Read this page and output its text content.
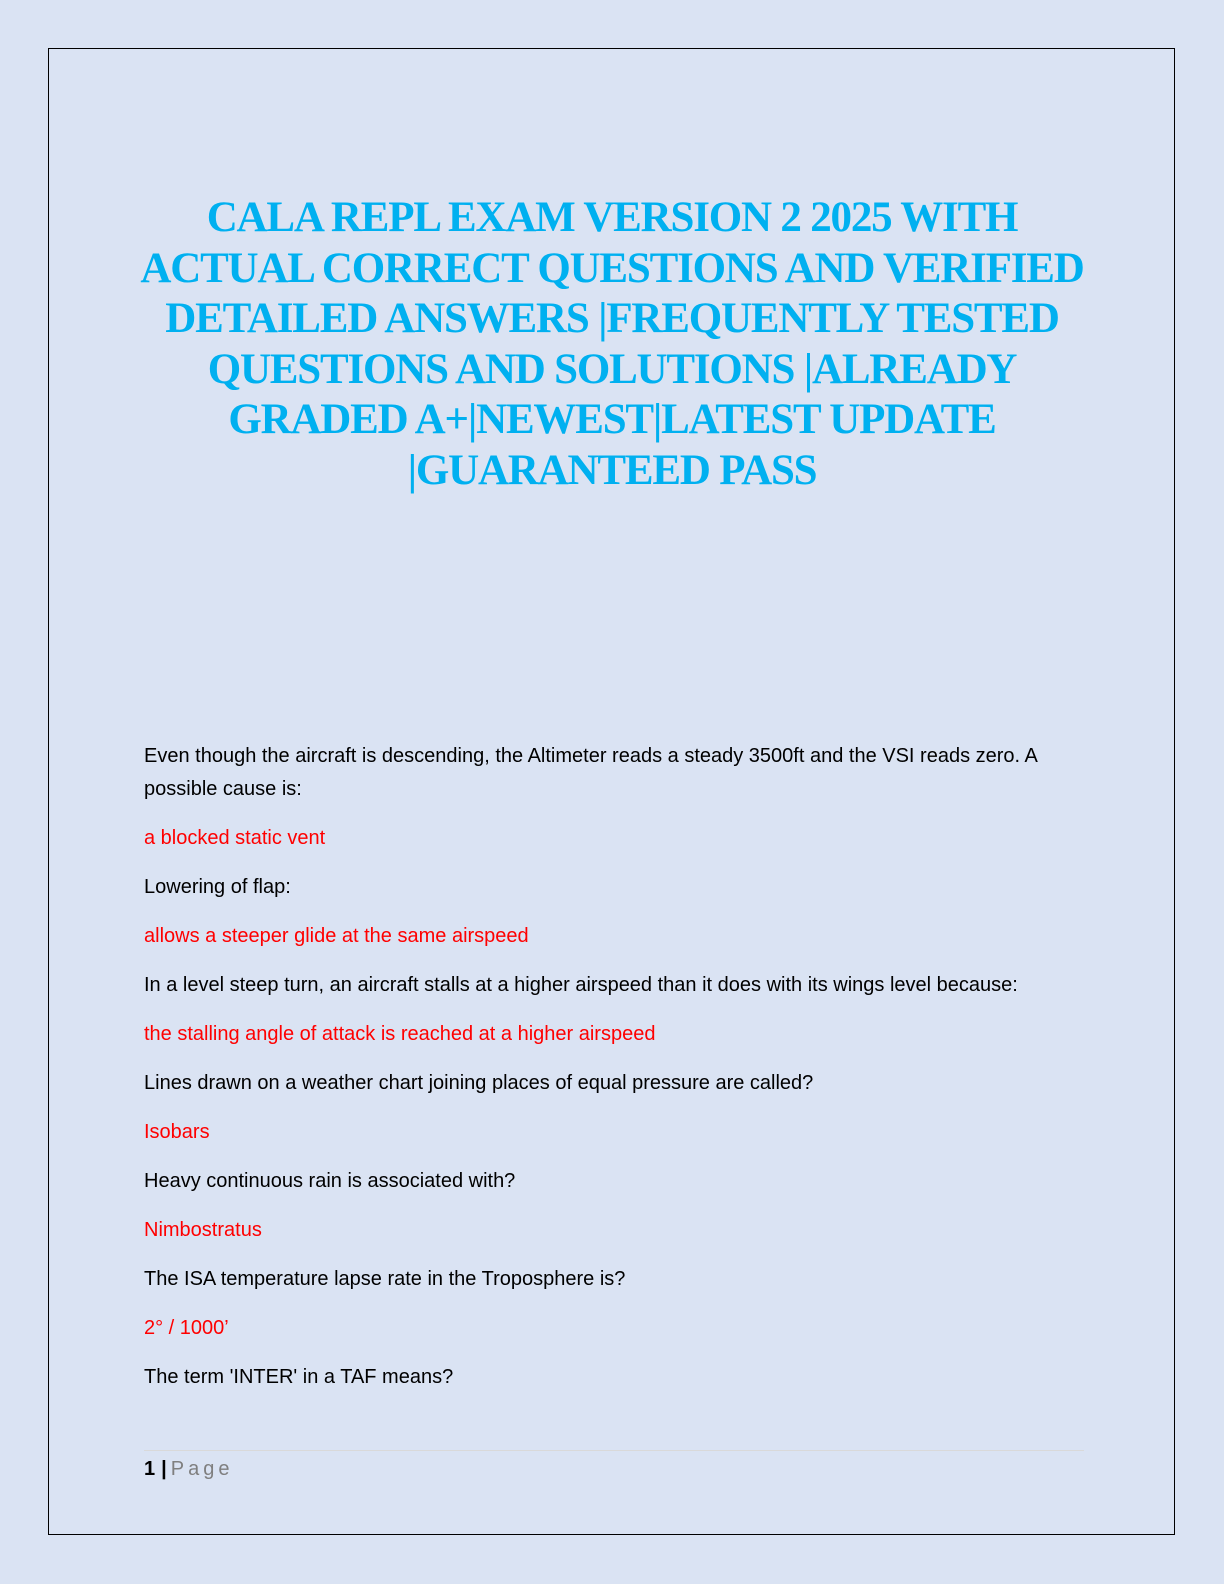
CALA REPL EXAM VERSION 2 2025 WITH ACTUAL CORRECT QUESTIONS AND VERIFIED DETAILED ANSWERS |FREQUENTLY TESTED QUESTIONS AND SOLUTIONS |ALREADY GRADED A+|NEWEST|LATEST UPDATE |GUARANTEED PASS

Even though the aircraft is descending, the Altimeter reads a steady 3500ft and the VSI reads zero. A possible cause is:

a blocked static vent

Lowering of flap:

allows a steeper glide at the same airspeed

In a level steep turn, an aircraft stalls at a higher airspeed than it does with its wings level because:

the stalling angle of attack is reached at a higher airspeed

Lines drawn on a weather chart joining places of equal pressure are called?

Isobars

Heavy continuous rain is associated with?

Nimbostratus

The ISA temperature lapse rate in the Troposphere is?

2° / 1000’

The term 'INTER' in a TAF means?

1 | Page
